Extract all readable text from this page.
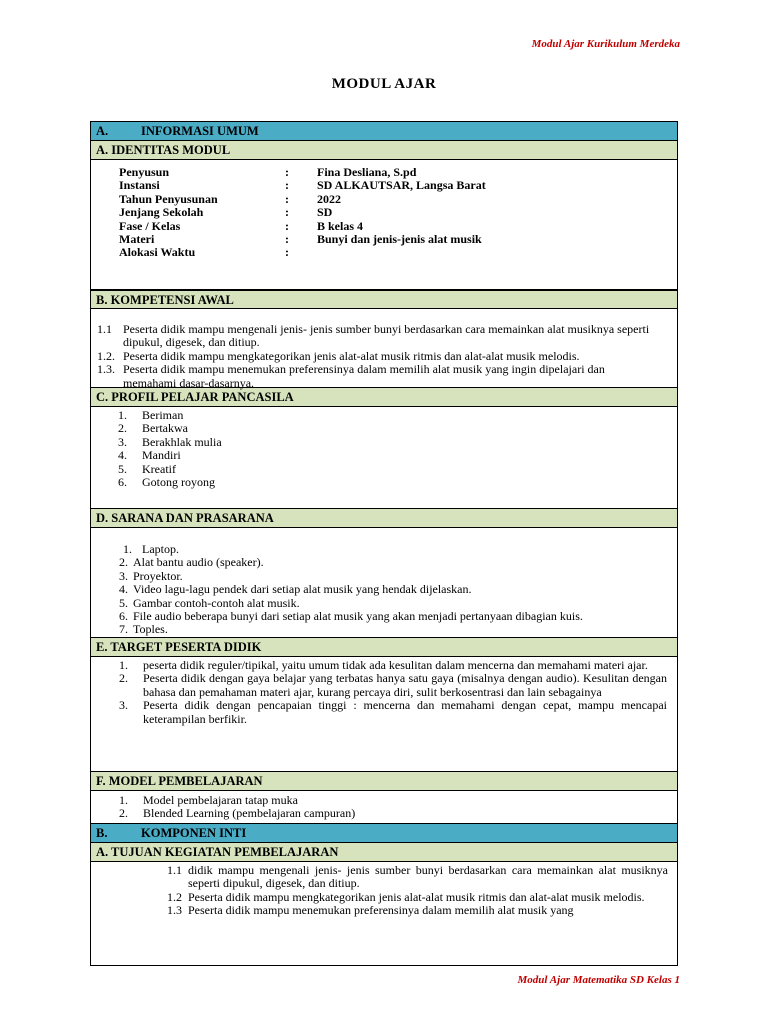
Modul Ajar Kurikulum Merdeka
MODUL AJAR
A.	INFORMASI UMUM
A. IDENTITAS MODUL
Penyusun	:	Fina Desliana, S.pd
Instansi	:	SD ALKAUTSAR, Langsa Barat
Tahun Penyusunan	:	2022
Jenjang Sekolah	:	SD
Fase / Kelas	:	B kelas 4
Materi	:	Bunyi dan jenis-jenis alat musik
Alokasi Waktu	:
B. KOMPETENSI AWAL
1.1 Peserta didik mampu mengenali jenis- jenis sumber bunyi berdasarkan cara memainkan alat musiknya seperti dipukul, digesek, dan ditiup.
1.2. Peserta didik mampu mengkategorikan jenis alat-alat musik ritmis dan alat-alat musik melodis.
1.3. Peserta didik mampu menemukan preferensinya dalam memilih alat musik yang ingin dipelajari dan memahami dasar-dasarnya.
C. PROFIL PELAJAR PANCASILA
1.	Beriman
2.	Bertakwa
3.	Berakhlak mulia
4.	Mandiri
5.	Kreatif
6.	Gotong royong
D. SARANA DAN PRASARANA
1. Laptop.
2. Alat bantu audio (speaker).
3. Proyektor.
4. Video lagu-lagu pendek dari setiap alat musik yang hendak dijelaskan.
5. Gambar contoh-contoh alat musik.
6. File audio beberapa bunyi dari setiap alat musik yang akan menjadi pertanyaan dibagian kuis.
7. Toples.
E. TARGET PESERTA DIDIK
1.	peserta didik reguler/tipikal, yaitu umum tidak ada kesulitan dalam mencerna dan memahami materi ajar.
2.	Peserta didik dengan gaya belajar yang terbatas hanya satu gaya (misalnya dengan audio). Kesulitan dengan bahasa dan pemahaman materi ajar, kurang percaya diri, sulit berkosentrasi dan lain sebagainya
3.	Peserta didik dengan pencapaian tinggi : mencerna dan memahami dengan cepat, mampu mencapai keterampilan berfikir.
F. MODEL PEMBELAJARAN
1.	Model pembelajaran tatap muka
2.	Blended Learning (pembelajaran campuran)
B.	KOMPONEN INTI
A. TUJUAN KEGIATAN PEMBELAJARAN
1.1 didik mampu mengenali jenis- jenis sumber bunyi berdasarkan cara memainkan alat musiknya seperti dipukul, digesek, dan ditiup.
1.2 Peserta didik mampu mengkategorikan jenis alat-alat musik ritmis dan alat-alat musik melodis.
1.3 Peserta didik mampu menemukan preferensinya dalam memilih alat musik yang
Modul Ajar Matematika SD Kelas 1
